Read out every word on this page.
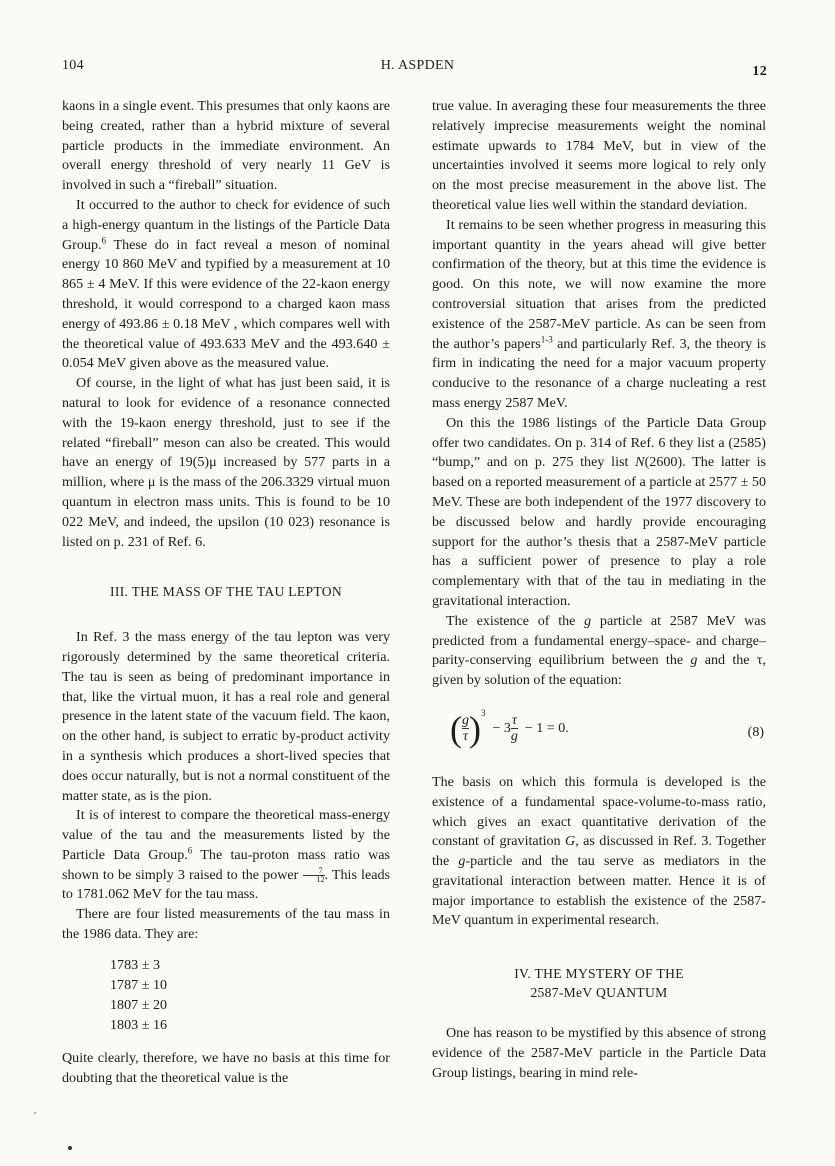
104	H. ASPDEN	12

kaons in a single event. This presumes that only kaons are being created, rather than a hybrid mixture of several particle products in the immediate environment. An overall energy threshold of very nearly 11 GeV is involved in such a “fireball” situation.

It occurred to the author to check for evidence of such a high-energy quantum in the listings of the Particle Data Group.$^6$ These do in fact reveal a meson of nominal energy 10 860 MeV and typified by a measurement at 10 865 ± 4 MeV. If this were evidence of the 22-kaon energy threshold, it would correspond to a charged kaon mass energy of 493.86 ± 0.18 MeV , which compares well with the theoretical value of 493.633 MeV and the 493.640 ± 0.054 MeV given above as the measured value.

Of course, in the light of what has just been said, it is natural to look for evidence of a resonance connected with the 19-kaon energy threshold, just to see if the related “fireball” meson can also be created. This would have an energy of 19(5)μ increased by 577 parts in a million, where μ is the mass of the 206.3329 virtual muon quantum in electron mass units. This is found to be 10 022 MeV, and indeed, the upsilon (10 023) resonance is listed on p. 231 of Ref. 6.

III. THE MASS OF THE TAU LEPTON

In Ref. 3 the mass energy of the tau lepton was very rigorously determined by the same theoretical criteria. The tau is seen as being of predominant importance in that, like the virtual muon, it has a real role and general presence in the latent state of the vacuum field. The kaon, on the other hand, is subject to erratic by-product activity in a synthesis which produces a short-lived species that does occur naturally, but is not a normal constituent of the matter state, as is the pion.

It is of interest to compare the theoretical mass-energy value of the tau and the measurements listed by the Particle Data Group.$^6$ The tau-proton mass ratio was shown to be simply 3 raised to the power $\frac{7}{12}$ . This leads to 1781.062 MeV for the tau mass.

There are four listed measurements of the tau mass in the 1986 data. They are:

1783 ± 3
1787 ± 10
1807 ± 20
1803 ± 16

Quite clearly, therefore, we have no basis at this time for doubting that the theoretical value is the

true value. In averaging these four measurements the three relatively imprecise measurements weight the nominal estimate upwards to 1784 MeV, but in view of the uncertainties involved it seems more logical to rely only on the most precise measurement in the above list. The theoretical value lies well within the standard deviation.

It remains to be seen whether progress in measuring this important quantity in the years ahead will give better confirmation of the theory, but at this time the evidence is good. On this note, we will now examine the more controversial situation that arises from the predicted existence of the 2587-MeV particle. As can be seen from the author’s papers$^{1-3}$ and particularly Ref. 3, the theory is firm in indicating the need for a major vacuum property conducive to the resonance of a charge nucleating a rest mass energy 2587 MeV.

On this the 1986 listings of the Particle Data Group offer two candidates. On p. 314 of Ref. 6 they list a (2585) “bump,” and on p. 275 they list N(2600). The latter is based on a reported measurement of a particle at 2577 ± 50 MeV. These are both independent of the 1977 discovery to be discussed below and hardly provide encouraging support for the author’s thesis that a 2587-MeV particle has a sufficient power of presence to play a role complementary with that of the tau in mediating in the gravitational interaction.

The existence of the g particle at 2587 MeV was predicted from a fundamental energy–space- and charge–parity-conserving equilibrium between the g and the τ, given by solution of the equation:

( $\frac{g}{\tau} )^3 - 3 \frac{\tau}{g} - 1 = 0$.	(8)

The basis on which this formula is developed is the existence of a fundamental space-volume-to-mass ratio, which gives an exact quantitative derivation of the constant of gravitation G, as discussed in Ref. 3. Together the g-particle and the tau serve as mediators in the gravitational interaction between matter. Hence it is of major importance to establish the existence of the 2587-MeV quantum in experimental research.

IV. THE MYSTERY OF THE
2587-MeV QUANTUM

One has reason to be mystified by this absence of strong evidence of the 2587-MeV particle in the Particle Data Group listings, bearing in mind rele-
